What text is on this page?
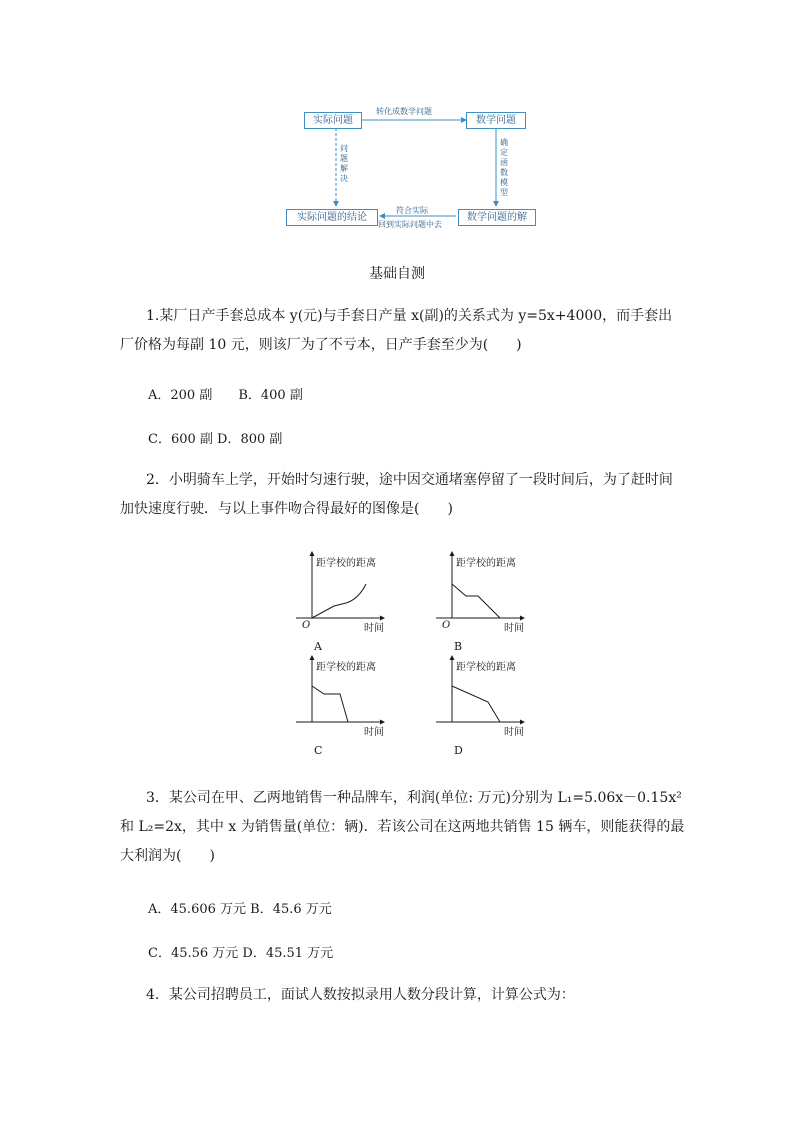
实际问题	数学问题
实际问题的结论	数学问题的解
转化成数学问题
确定函数模型
符合实际
回到实际问题中去
问题解决
基础自测
1.某厂日产手套总成本 y(元)与手套日产量 x(副)的关系式为 y=5x+4000，而手套出
厂价格为每副 10 元，则该厂为了不亏本，日产手套至少为(　　)
A．200 副　　B．400 副
C．600 副 D．800 副
2．小明骑车上学，开始时匀速行驶，途中因交通堵塞停留了一段时间后，为了赶时间
加快速度行驶．与以上事件吻合得最好的图像是(　　)
距学校的距离
时间
O
A
距学校的距离
时间
O
B
距学校的距离
时间
C
距学校的距离
时间
D
3．某公司在甲、乙两地销售一种品牌车，利润(单位: 万元)分别为 L₁=5.06x－0.15x²
和 L₂=2x，其中 x 为销售量(单位：辆)．若该公司在这两地共销售 15 辆车，则能获得的最
大利润为(　　)
A．45.606 万元 B．45.6 万元
C．45.56 万元 D．45.51 万元
4．某公司招聘员工，面试人数按拟录用人数分段计算，计算公式为：
